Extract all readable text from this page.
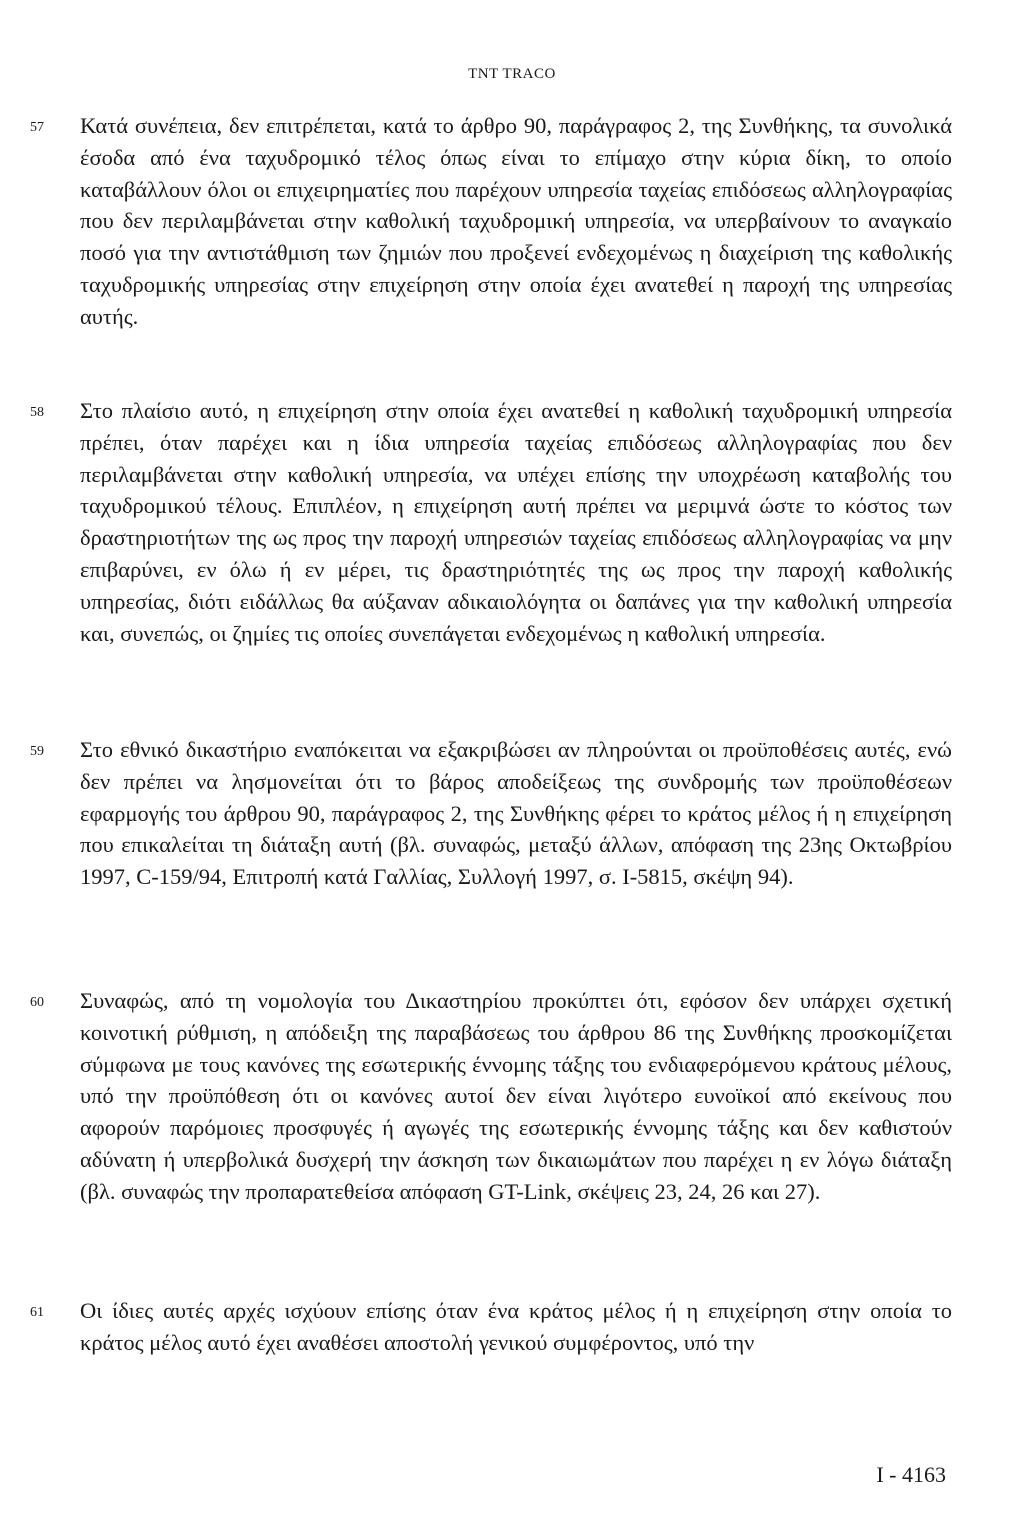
TNT TRACO
57 Κατά συνέπεια, δεν επιτρέπεται, κατά το άρθρο 90, παράγραφος 2, της Συνθήκης, τα συνολικά έσοδα από ένα ταχυδρομικό τέλος όπως είναι το επίμαχο στην κύρια δίκη, το οποίο καταβάλλουν όλοι οι επιχειρηματίες που παρέχουν υπηρεσία ταχείας επιδόσεως αλληλογραφίας που δεν περιλαμβάνεται στην καθολική ταχυδρομική υπηρεσία, να υπερβαίνουν το αναγκαίο ποσό για την αντιστάθμιση των ζημιών που προξενεί ενδεχομένως η διαχείριση της καθολικής ταχυδρομικής υπηρεσίας στην επιχείρηση στην οποία έχει ανατεθεί η παροχή της υπηρεσίας αυτής.
58 Στο πλαίσιο αυτό, η επιχείρηση στην οποία έχει ανατεθεί η καθολική ταχυδρομική υπηρεσία πρέπει, όταν παρέχει και η ίδια υπηρεσία ταχείας επιδόσεως αλληλογραφίας που δεν περιλαμβάνεται στην καθολική υπηρεσία, να υπέχει επίσης την υποχρέωση καταβολής του ταχυδρομικού τέλους. Επιπλέον, η επιχείρηση αυτή πρέπει να μεριμνά ώστε το κόστος των δραστηριοτήτων της ως προς την παροχή υπηρεσιών ταχείας επιδόσεως αλληλογραφίας να μην επιβαρύνει, εν όλω ή εν μέρει, τις δραστηριότητές της ως προς την παροχή καθολικής υπηρεσίας, διότι ειδάλλως θα αύξαναν αδικαιολόγητα οι δαπάνες για την καθολική υπηρεσία και, συνεπώς, οι ζημίες τις οποίες συνεπάγεται ενδεχομένως η καθολική υπηρεσία.
59 Στο εθνικό δικαστήριο εναπόκειται να εξακριβώσει αν πληρούνται οι προϋποθέσεις αυτές, ενώ δεν πρέπει να λησμονείται ότι το βάρος αποδείξεως της συνδρομής των προϋποθέσεων εφαρμογής του άρθρου 90, παράγραφος 2, της Συνθήκης φέρει το κράτος μέλος ή η επιχείρηση που επικαλείται τη διάταξη αυτή (βλ. συναφώς, μεταξύ άλλων, απόφαση της 23ης Οκτωβρίου 1997, C-159/94, Επιτροπή κατά Γαλλίας, Συλλογή 1997, σ. I-5815, σκέψη 94).
60 Συναφώς, από τη νομολογία του Δικαστηρίου προκύπτει ότι, εφόσον δεν υπάρχει σχετική κοινοτική ρύθμιση, η απόδειξη της παραβάσεως του άρθρου 86 της Συνθήκης προσκομίζεται σύμφωνα με τους κανόνες της εσωτερικής έννομης τάξης του ενδιαφερόμενου κράτους μέλους, υπό την προϋπόθεση ότι οι κανόνες αυτοί δεν είναι λιγότερο ευνοϊκοί από εκείνους που αφορούν παρόμοιες προσφυγές ή αγωγές της εσωτερικής έννομης τάξης και δεν καθιστούν αδύνατη ή υπερβολικά δυσχερή την άσκηση των δικαιωμάτων που παρέχει η εν λόγω διάταξη (βλ. συναφώς την προπαρατεθείσα απόφαση GT-Link, σκέψεις 23, 24, 26 και 27).
61 Οι ίδιες αυτές αρχές ισχύουν επίσης όταν ένα κράτος μέλος ή η επιχείρηση στην οποία το κράτος μέλος αυτό έχει αναθέσει αποστολή γενικού συμφέροντος, υπό την
I - 4163
